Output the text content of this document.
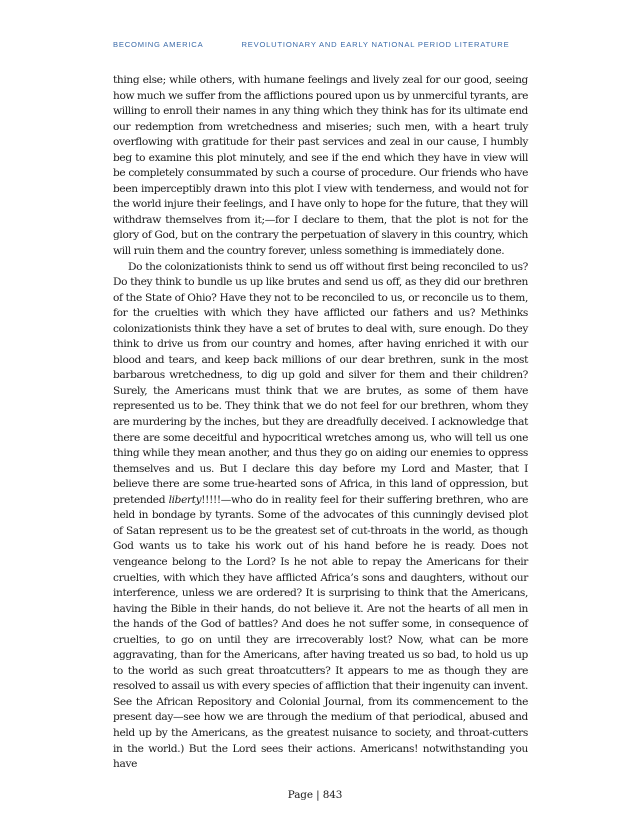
BECOMING AMERICA	REVOLUTIONARY AND EARLY NATIONAL PERIOD LITERATURE

thing else; while others, with humane feelings and lively zeal for our good, seeing how much we suffer from the afflictions poured upon us by unmerciful tyrants, are willing to enroll their names in any thing which they think has for its ultimate end our redemption from wretchedness and miseries; such men, with a heart truly overflowing with gratitude for their past services and zeal in our cause, I humbly beg to examine this plot minutely, and see if the end which they have in view will be completely consummated by such a course of procedure. Our friends who have been imperceptibly drawn into this plot I view with tenderness, and would not for the world injure their feelings, and I have only to hope for the future, that they will withdraw themselves from it;—for I declare to them, that the plot is not for the glory of God, but on the contrary the perpetuation of slavery in this country, which will ruin them and the country forever, unless something is immediately done.

Do the colonizationists think to send us off without first being reconciled to us? Do they think to bundle us up like brutes and send us off, as they did our brethren of the State of Ohio? Have they not to be reconciled to us, or reconcile us to them, for the cruelties with which they have afflicted our fathers and us? Methinks colonizationists think they have a set of brutes to deal with, sure enough. Do they think to drive us from our country and homes, after having enriched it with our blood and tears, and keep back millions of our dear brethren, sunk in the most barbarous wretchedness, to dig up gold and silver for them and their children? Surely, the Americans must think that we are brutes, as some of them have represented us to be. They think that we do not feel for our brethren, whom they are murdering by the inches, but they are dreadfully deceived. I acknowledge that there are some deceitful and hypocritical wretches among us, who will tell us one thing while they mean another, and thus they go on aiding our enemies to oppress themselves and us. But I declare this day before my Lord and Master, that I believe there are some true-hearted sons of Africa, in this land of oppression, but pretended liberty!!!!!—who do in reality feel for their suffering brethren, who are held in bondage by tyrants. Some of the advocates of this cunningly devised plot of Satan represent us to be the greatest set of cut-throats in the world, as though God wants us to take his work out of his hand before he is ready. Does not vengeance belong to the Lord? Is he not able to repay the Americans for their cruelties, with which they have afflicted Africa’s sons and daughters, without our interference, unless we are ordered? It is surprising to think that the Americans, having the Bible in their hands, do not believe it. Are not the hearts of all men in the hands of the God of battles? And does he not suffer some, in consequence of cruelties, to go on until they are irrecoverably lost? Now, what can be more aggravating, than for the Americans, after having treated us so bad, to hold us up to the world as such great throatcutters? It appears to me as though they are resolved to assail us with every species of affliction that their ingenuity can invent. See the African Repository and Colonial Journal, from its commencement to the present day—see how we are through the medium of that periodical, abused and held up by the Americans, as the greatest nuisance to society, and throat-cutters in the world.) But the Lord sees their actions. Americans! notwithstanding you have

Page | 843
